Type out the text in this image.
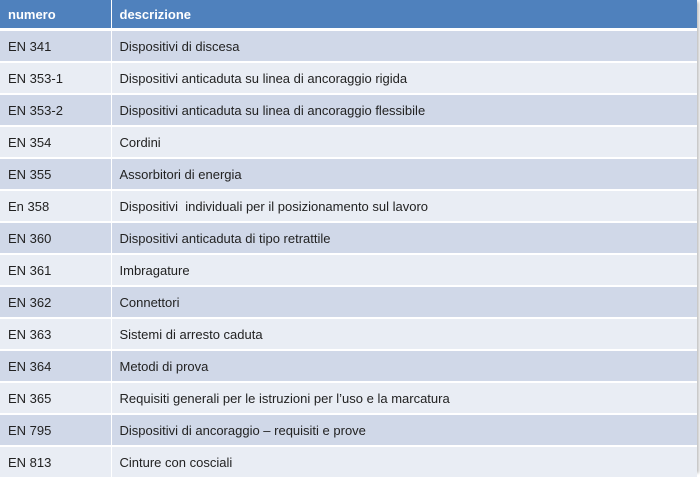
numero	descrizione
EN 341	Dispositivi di discesa
EN 353-1	Dispositivi anticaduta su linea di ancoraggio rigida
EN 353-2	Dispositivi anticaduta su linea di ancoraggio flessibile
EN 354	Cordini
EN 355	Assorbitori di energia
En 358	Dispositivi  individuali per il posizionamento sul lavoro
EN 360	Dispositivi anticaduta di tipo retrattile
EN 361	Imbragature
EN 362	Connettori
EN 363	Sistemi di arresto caduta
EN 364	Metodi di prova
EN 365	Requisiti generali per le istruzioni per l’uso e la marcatura
EN 795	Dispositivi di ancoraggio – requisiti e prove
EN 813	Cinture con cosciali
